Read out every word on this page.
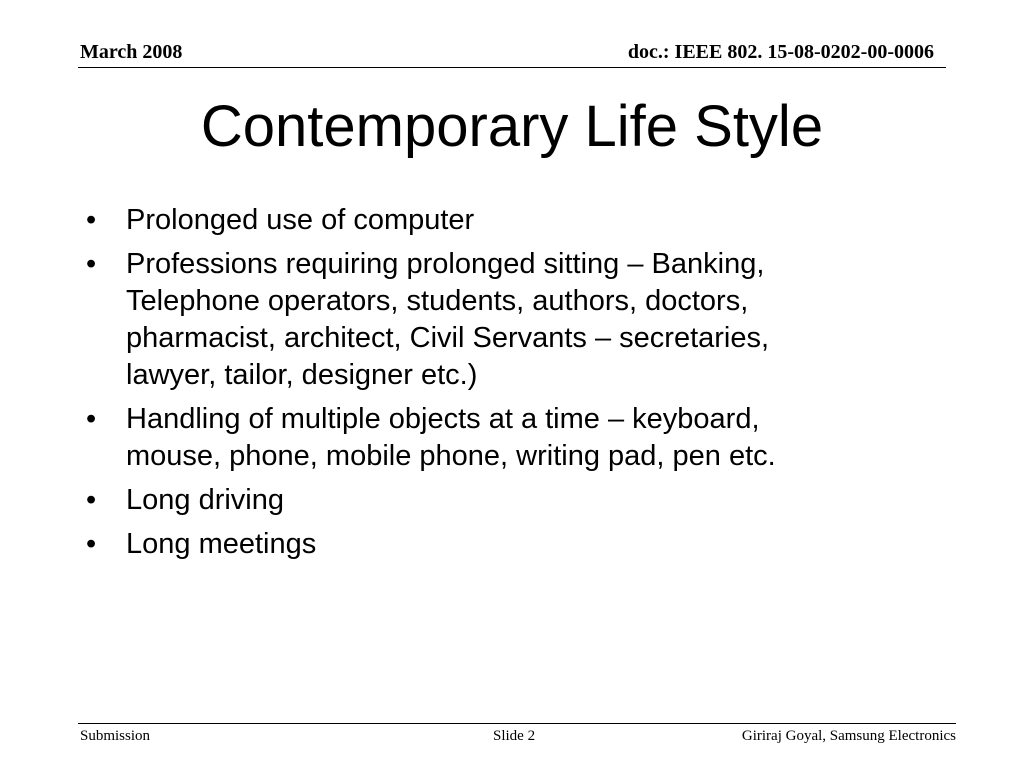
March 2008	doc.: IEEE 802. 15-08-0202-00-0006
Contemporary Life Style
•	Prolonged use of computer
•	Professions requiring prolonged sitting – Banking,
Telephone operators, students, authors, doctors,
pharmacist, architect, Civil Servants – secretaries,
lawyer, tailor, designer etc.)
•	Handling of multiple objects at a time – keyboard,
mouse, phone, mobile phone, writing pad, pen etc.
•	Long driving
•	Long meetings
Submission	Slide 2	Giriraj Goyal, Samsung Electronics
